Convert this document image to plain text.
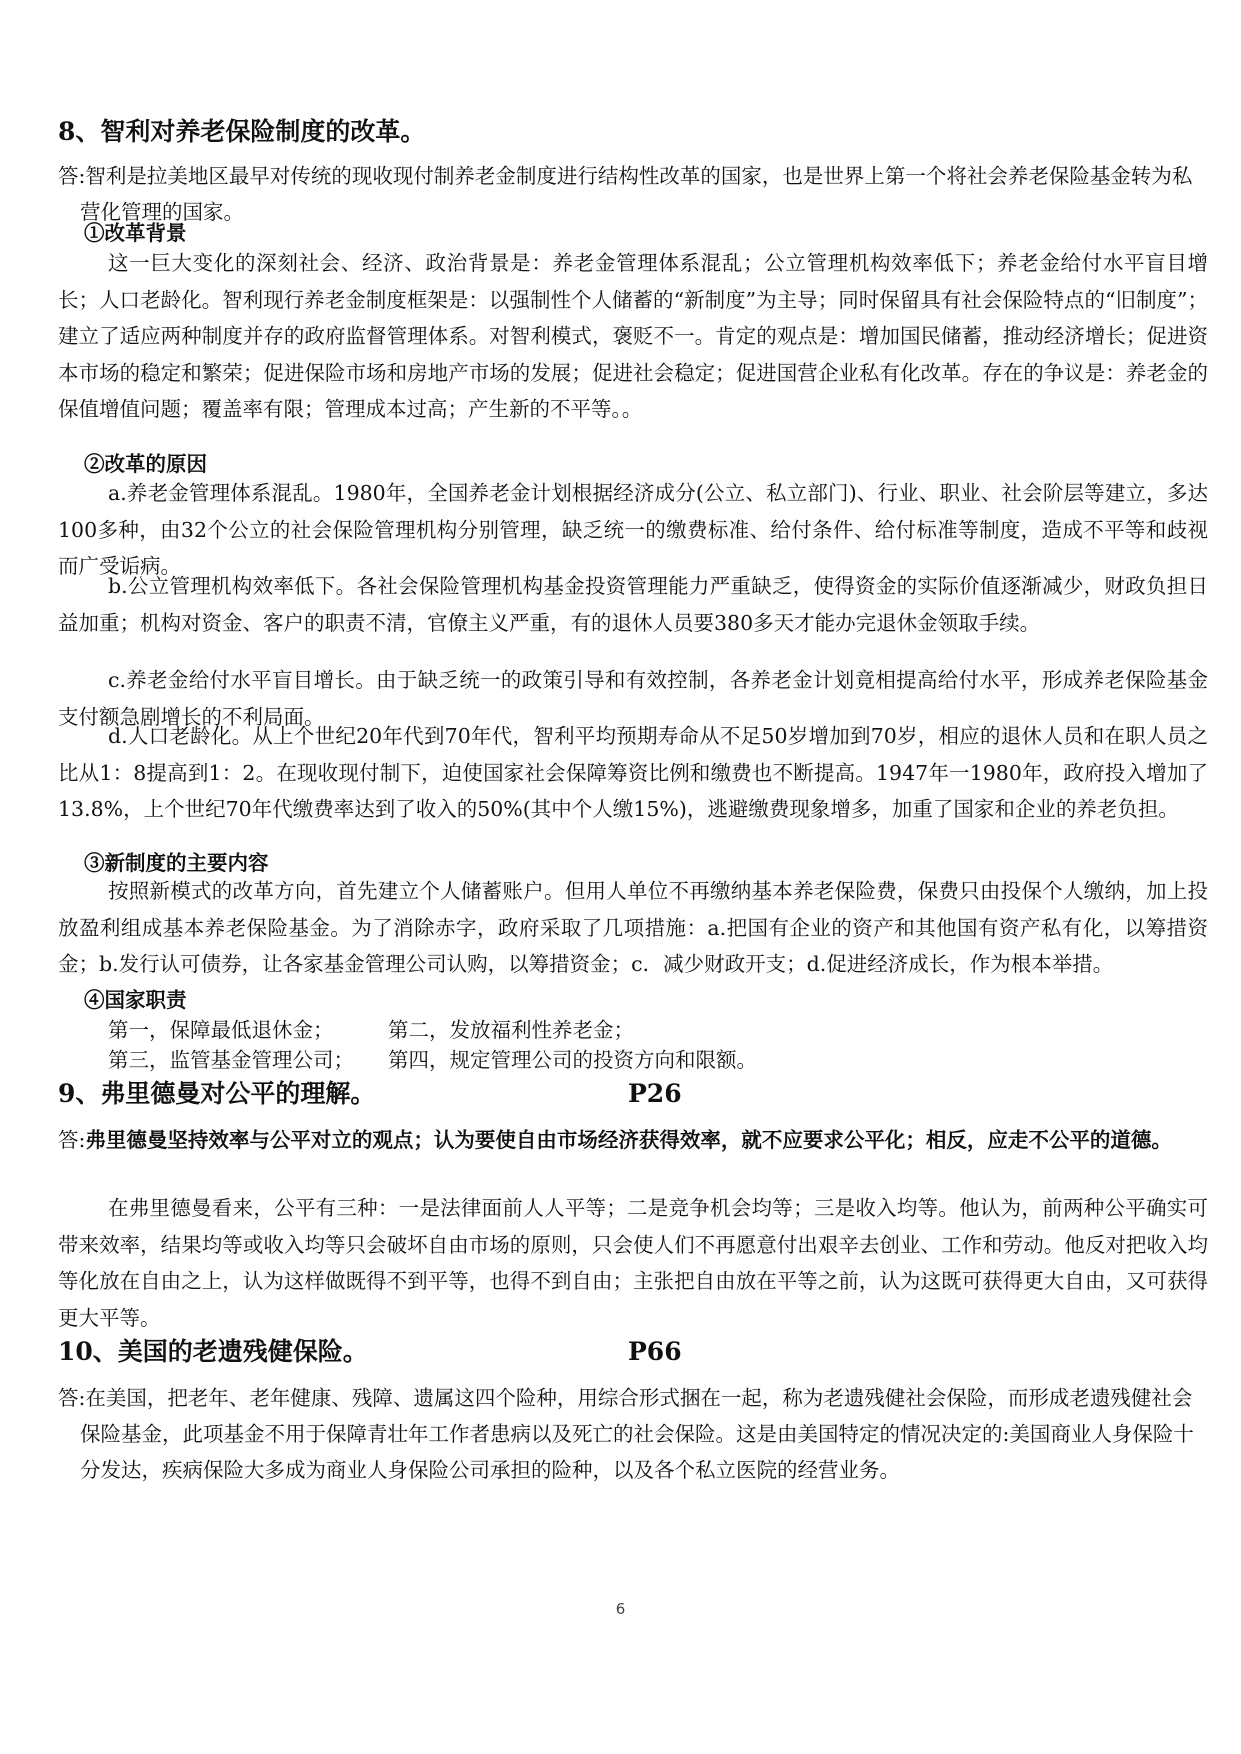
8、智利对养老保险制度的改革。
答:智利是拉美地区最早对传统的现收现付制养老金制度进行结构性改革的国家，也是世界上第一个将社会养老保险基金转为私营化管理的国家。
①改革背景
这一巨大变化的深刻社会、经济、政治背景是：养老金管理体系混乱；公立管理机构效率低下；养老金给付水平盲目增长；人口老龄化。智利现行养老金制度框架是：以强制性个人储蓄的“新制度”为主导；同时保留具有社会保险特点的“旧制度”；建立了适应两种制度并存的政府监督管理体系。对智利模式，褒贬不一。肯定的观点是：增加国民储蓄，推动经济增长；促进资本市场的稳定和繁荣；促进保险市场和房地产市场的发展；促进社会稳定；促进国营企业私有化改革。存在的争议是：养老金的保值增值问题；覆盖率有限；管理成本过高；产生新的不平等。。
②改革的原因
a.养老金管理体系混乱。1980年，全国养老金计划根据经济成分(公立、私立部门)、行业、职业、社会阶层等建立，多达100多种，由32个公立的社会保险管理机构分别管理，缺乏统一的缴费标准、给付条件、给付标准等制度，造成不平等和歧视而广受诟病。
b.公立管理机构效率低下。各社会保险管理机构基金投资管理能力严重缺乏，使得资金的实际价值逐渐减少，财政负担日益加重；机构对资金、客户的职责不清，官僚主义严重，有的退休人员要380多天才能办完退休金领取手续。
c.养老金给付水平盲目增长。由于缺乏统一的政策引导和有效控制，各养老金计划竟相提高给付水平，形成养老保险基金支付额急剧增长的不利局面。
d.人口老龄化。从上个世纪20年代到70年代，智利平均预期寿命从不足50岁增加到70岁，相应的退休人员和在职人员之比从1：8提高到1：2。在现收现付制下，迫使国家社会保障筹资比例和缴费也不断提高。1947年一1980年，政府投入增加了13.8%，上个世纪70年代缴费率达到了收入的50%(其中个人缴15%)，逃避缴费现象增多，加重了国家和企业的养老负担。
③新制度的主要内容
按照新模式的改革方向，首先建立个人储蓄账户。但用人单位不再缴纳基本养老保险费，保费只由投保个人缴纳，加上投放盈利组成基本养老保险基金。为了消除赤字，政府采取了几项措施：a.把国有企业的资产和其他国有资产私有化，以筹措资金；b.发行认可债券，让各家基金管理公司认购，以筹措资金；c．减少财政开支；d.促进经济成长，作为根本举措。
④国家职责
第一，保障最低退休金；	第二，发放福利性养老金；
第三，监管基金管理公司； 第四，规定管理公司的投资方向和限额。
9、弗里德曼对公平的理解。	P26
答:弗里德曼坚持效率与公平对立的观点；认为要使自由市场经济获得效率，就不应要求公平化；相反，应走不公平的道德。
在弗里德曼看来，公平有三种：一是法律面前人人平等；二是竞争机会均等；三是收入均等。他认为，前两种公平确实可带来效率，结果均等或收入均等只会破坏自由市场的原则，只会使人们不再愿意付出艰辛去创业、工作和劳动。他反对把收入均等化放在自由之上，认为这样做既得不到平等，也得不到自由；主张把自由放在平等之前，认为这既可获得更大自由，又可获得更大平等。
10、美国的老遗残健保险。	P66
答:在美国，把老年、老年健康、残障、遗属这四个险种，用综合形式捆在一起，称为老遗残健社会保险，而形成老遗残健社会保险基金，此项基金不用于保障青壮年工作者患病以及死亡的社会保险。这是由美国特定的情况决定的:美国商业人身保险十分发达，疾病保险大多成为商业人身保险公司承担的险种，以及各个私立医院的经营业务。
6
